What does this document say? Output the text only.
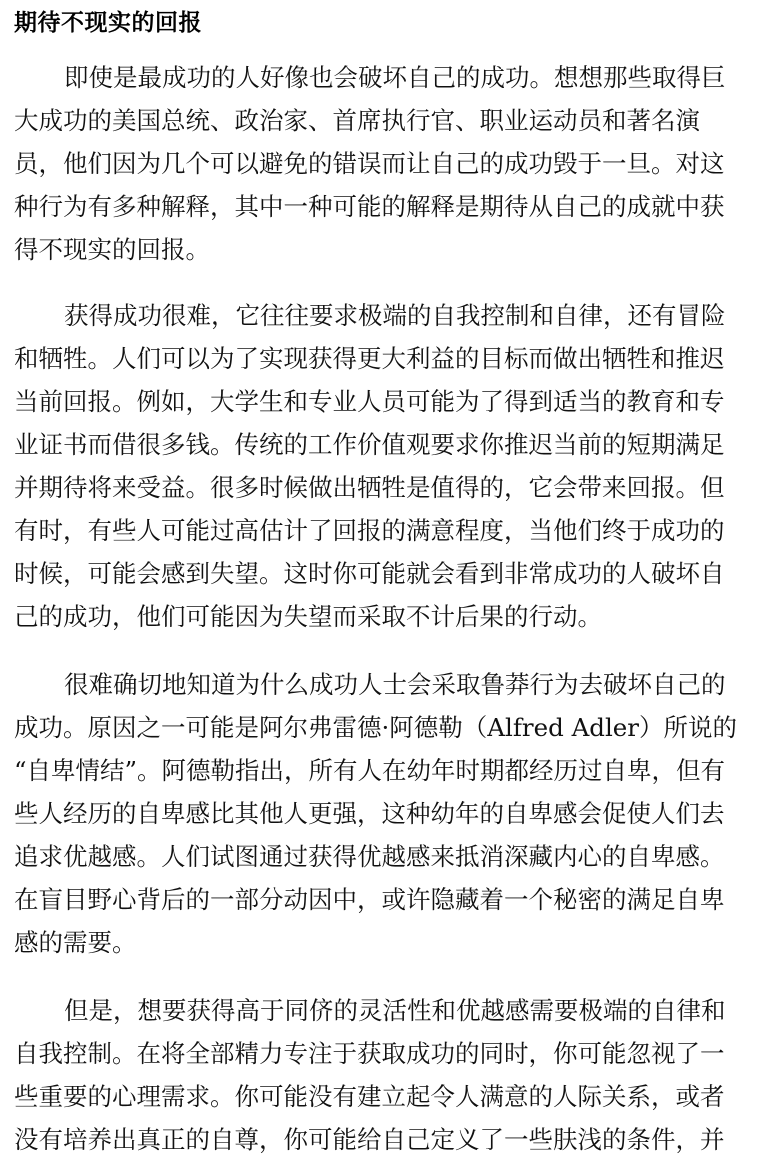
期待不现实的回报

即使是最成功的人好像也会破坏自己的成功。想想那些取得巨
大成功的美国总统、政治家、首席执行官、职业运动员和著名演
员，他们因为几个可以避免的错误而让自己的成功毁于一旦。对这
种行为有多种解释，其中一种可能的解释是期待从自己的成就中获
得不现实的回报。

获得成功很难，它往往要求极端的自我控制和自律，还有冒险
和牺牲。人们可以为了实现获得更大利益的目标而做出牺牲和推迟
当前回报。例如，大学生和专业人员可能为了得到适当的教育和专
业证书而借很多钱。传统的工作价值观要求你推迟当前的短期满足
并期待将来受益。很多时候做出牺牲是值得的，它会带来回报。但
有时，有些人可能过高估计了回报的满意程度，当他们终于成功的
时候，可能会感到失望。这时你可能就会看到非常成功的人破坏自
己的成功，他们可能因为失望而采取不计后果的行动。

很难确切地知道为什么成功人士会采取鲁莽行为去破坏自己的
成功。原因之一可能是阿尔弗雷德·阿德勒（Alfred Adler）所说的
“自卑情结”。阿德勒指出，所有人在幼年时期都经历过自卑，但有
些人经历的自卑感比其他人更强，这种幼年的自卑感会促使人们去
追求优越感。人们试图通过获得优越感来抵消深藏内心的自卑感。
在盲目野心背后的一部分动因中，或许隐藏着一个秘密的满足自卑
感的需要。

但是，想要获得高于同侪的灵活性和优越感需要极端的自律和
自我控制。在将全部精力专注于获取成功的同时，你可能忽视了一
些重要的心理需求。你可能没有建立起令人满意的人际关系，或者
没有培养出真正的自尊，你可能给自己定义了一些肤浅的条件，并
